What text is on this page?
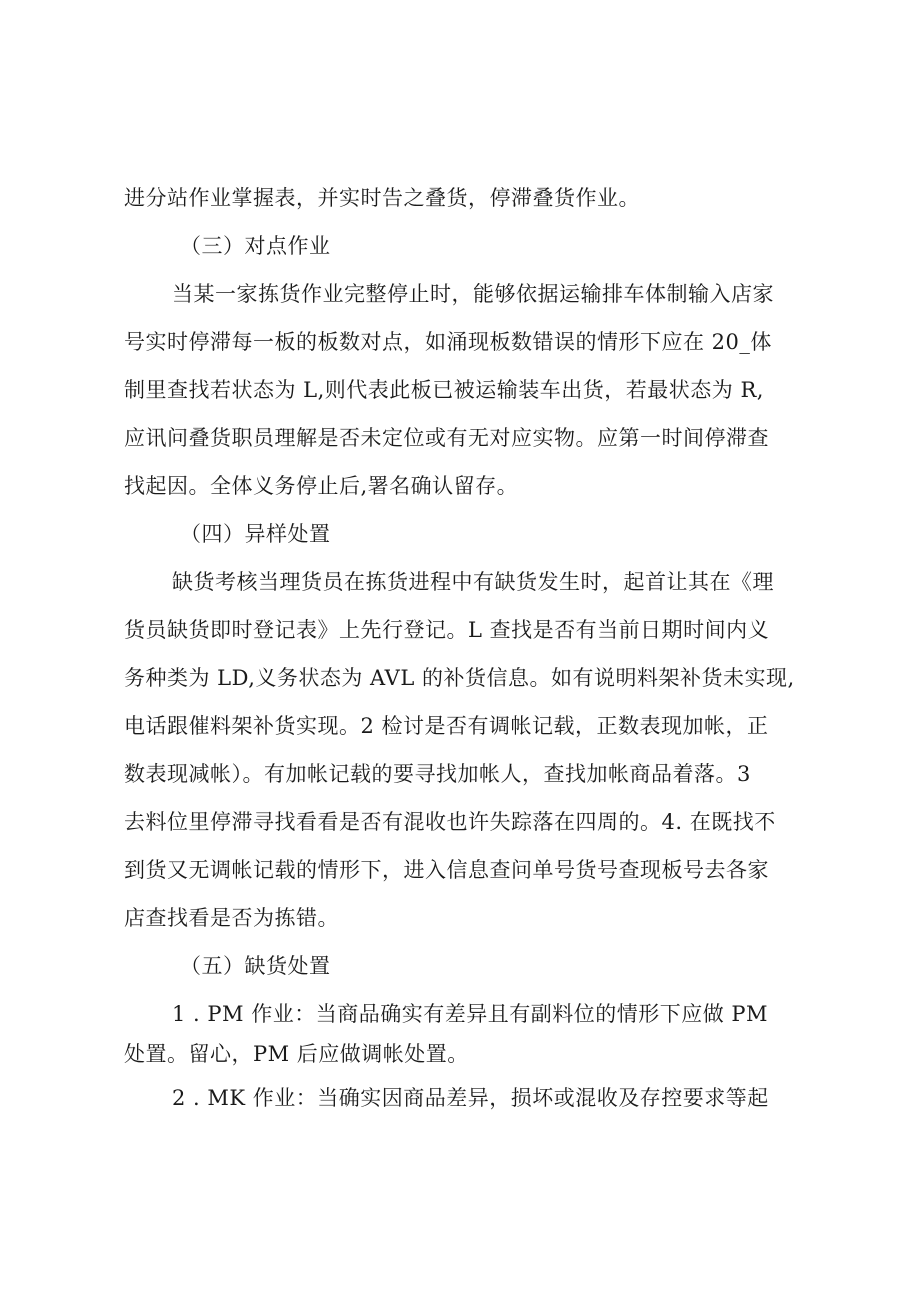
进分站作业掌握表，并实时告之叠货，停滞叠货作业。
（三）对点作业
当某一家拣货作业完整停止时，能够依据运输排车体制输入店家
号实时停滞每一板的板数对点，如涌现板数错误的情形下应在 20_体
制里查找若状态为 L,则代表此板已被运输装车出货，若最状态为 R,
应讯问叠货职员理解是否未定位或有无对应实物。应第一时间停滞查
找起因。全体义务停止后,署名确认留存。
（四）异样处置
缺货考核当理货员在拣货进程中有缺货发生时，起首让其在《理
货员缺货即时登记表》上先行登记。L 查找是否有当前日期时间内义
务种类为 LD,义务状态为 AVL 的补货信息。如有说明料架补货未实现,
电话跟催料架补货实现。2 检讨是否有调帐记载，正数表现加帐，正
数表现减帐）。有加帐记载的要寻找加帐人，查找加帐商品着落。3
去料位里停滞寻找看看是否有混收也许失踪落在四周的。4. 在既找不
到货又无调帐记载的情形下，进入信息查问单号货号查现板号去各家
店查找看是否为拣错。
（五）缺货处置
1 . PM 作业：当商品确实有差异且有副料位的情形下应做 PM
处置。留心，PM 后应做调帐处置。
2 . MK 作业：当确实因商品差异，损坏或混收及存控要求等起
